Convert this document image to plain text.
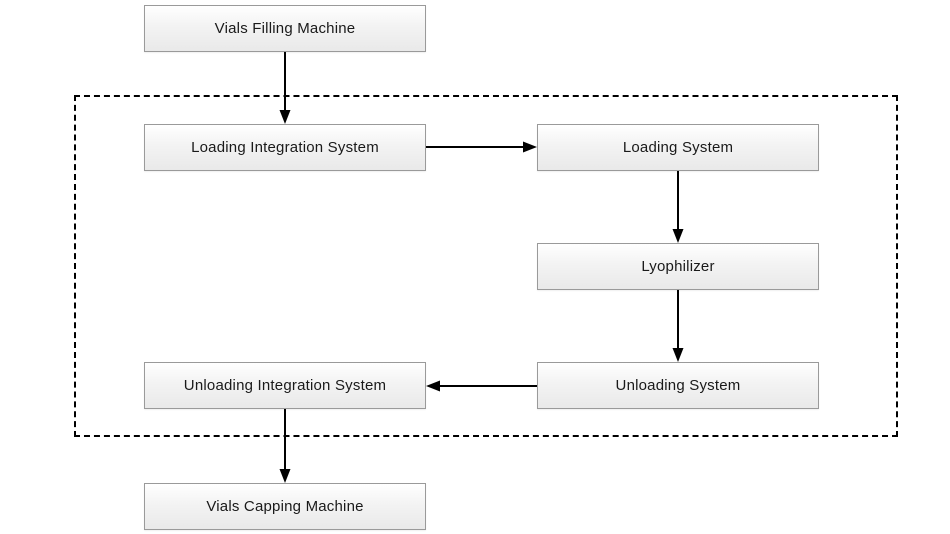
Vials Filling Machine
Loading Integration System	Loading System
Lyophilizer
Unloading System
Unloading Integration System
Vials Capping Machine
